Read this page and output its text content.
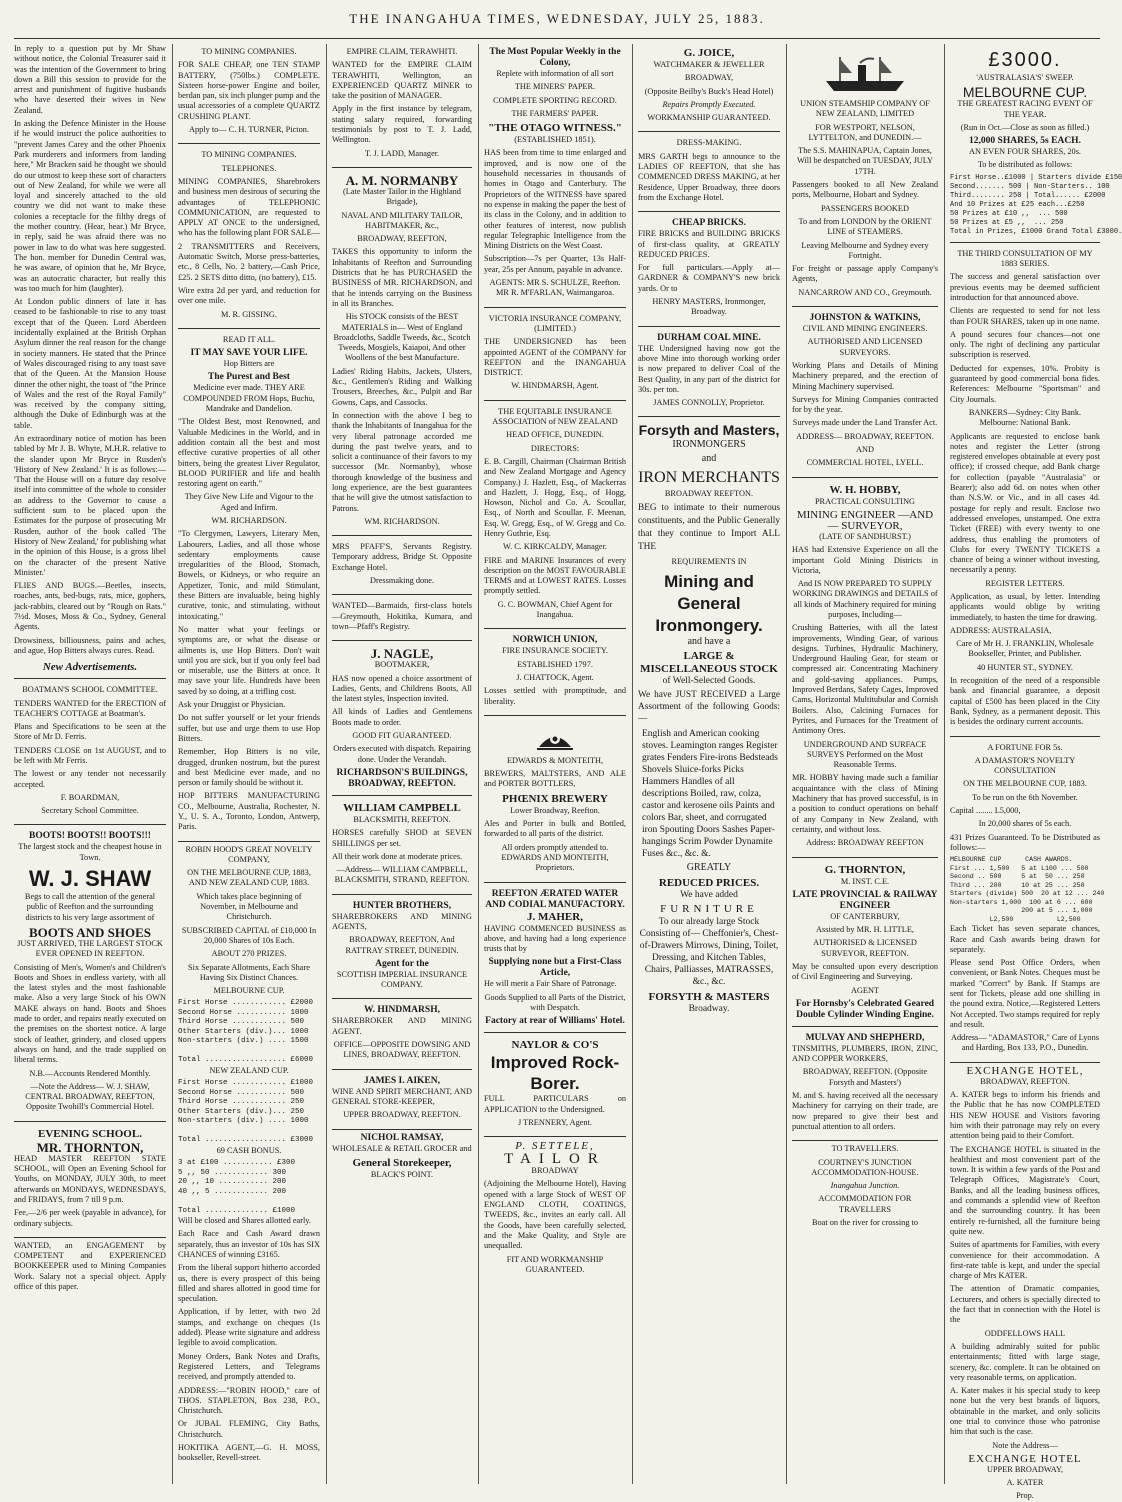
THE INANGAHUA TIMES, WEDNESDAY, JULY 25, 1883.

In reply to a question put by Mr Shaw without notice, the Colonial Treasurer said it was the intention of the Government to bring down a Bill this session to provide for the arrest and punishment of fugitive husbands who have deserted their wives in New Zealand.

In asking the Defence Minister in the House if he would instruct the police authorities to "prevent James Carey and the other Phoenix Park murderers and informers from landing here," Mr Bracken said he thought we should do our utmost to keep these sort of characters out of New Zealand, for while we were all loyal and sincerely attached to the old country we did not want to make these colonies a receptacle for the filthy dregs of the mother country. (Hear, hear.) Mr Bryce, in reply, said he was afraid there was no power in law to do what was here suggested. The hon. member for Dunedin Central was, he was aware, of opinion that he, Mr Bryce, was an autocratic character, but really this was too much for him (laughter).

At London public dinners of late it has ceased to be fashionable to rise to any toast except that of the Queen. Lord Aberdeen incidentally explained at the British Orphan Asylum dinner the real reason for the change in society manners. He stated that the Prince of Wales discouraged rising to any toast save that of the Queen. At the Mansion House dinner the other night, the toast of "the Prince of Wales and the rest of the Royal Family" was received by the company sitting, although the Duke of Edinburgh was at the table.

An extraordinary notice of motion has been tabled by Mr J. B. Whyte, M.H.R. relative to the slander upon Mr Bryce in Rusden's 'History of New Zealand.' It is as follows:— 'That the House will on a future day resolve itself into committee of the whole to consider an address to the Governor to cause a sufficient sum to be placed upon the Estimates for the purpose of prosecuting Mr Rusden, author of the book called 'The History of New Zealand,' for publishing what in the opinion of this House, is a gross libel on the character of the present Native Minister.'

FLIES AND BUGS.—Beetles, insects, roaches, ants, bed-bugs, rats, mice, gophers, jack-rabbits, cleared out by "Rough on Rats." 7½d. Moses, Moss & Co., Sydney, General Agents.

Drowsiness, billiousness, pains and aches, and ague, Hop Bitters always cures. Read.

New Advertisements.

BOATMAN'S SCHOOL COMMITTEE.

TENDERS WANTED for the ERECTION of TEACHER'S COTTAGE at Boatman's.

Plans and Specifications to be seen at the Store of Mr D. Ferris.

TENDERS CLOSE on 1st AUGUST, and to be left with Mr Ferris.

The lowest or any tender not necessarily accepted.

F. BOARDMAN,

Secretary School Committee.

BOOTS! BOOTS!! BOOTS!!!

The largest stock and the cheapest house in Town.

W. J. SHAW

Begs to call the attention of the general public of Reefton and the surrounding districts to his very large assortment of

BOOTS AND SHOES

JUST ARRIVED, THE LARGEST STOCK EVER OPENED IN REEFTON.

Consisting of Men's, Women's and Children's Boots and Shoes in endless variety, with all the latest styles and the most fashionable make. Also a very large Stock of his OWN MAKE always on hand. Boots and Shoes made to order, and repairs neatly executed on the premises on the shortest notice. A large stock of leather, grindery, and closed uppers always on hand, and the trade supplied on liberal terms.

N.B.—Accounts Rendered Monthly.

—Note the Address— W. J. SHAW, CENTRAL BROADWAY, REEFTON, Opposite Twohill's Commercial Hotel.

EVENING SCHOOL.
MR. THORNTON,

HEAD MASTER REEFTON STATE SCHOOL, will Open an Evening School for Youths, on MONDAY, JULY 30th, to meet afterwards on MONDAYS, WEDNESDAYS, and FRIDAYS, from 7 till 9 p.m.

Fee,—2/6 per week (payable in advance), for ordinary subjects.

WANTED, an ENGAGEMENT by COMPETENT and EXPERIENCED BOOKKEEPER used to Mining Companies Work. Salary not a special object. Apply office of this paper.

TO MINING COMPANIES.

FOR SALE CHEAP, one TEN STAMP BATTERY, (750lbs.) COMPLETE. Sixteen horse-power Engine and boiler, berdan pan, six inch plunger pump and the usual accessories of a complete QUARTZ CRUSHING PLANT.

Apply to— C. H. TURNER, Picton.

TO MINING COMPANIES.

TELEPHONES.

MINING COMPANIES, Sharebrokers and business men desirous of securing the advantages of TELEPHONIC COMMUNICATION, are requested to APPLY AT ONCE to the undersigned, who has the following plant FOR SALE—

2 TRANSMITTERS and Receivers, Automatic Switch, Morse press-batteries, etc., 8 Cells, No. 2 battery,—Cash Price, £25. 2 SETS ditto ditto, (no battery), £15.

Wire extra 2d per yard, and reduction for over one mile.

M. R. GISSING.

READ IT ALL.

IT MAY SAVE YOUR LIFE.

Hop Bitters are

The Purest and Best

Medicine ever made. THEY ARE COMPOUNDED FROM Hops, Buchu, Mandrake and Dandelion.

"The Oldest Best, most Renowned, and Valuable Medicines in the World, and in addition contain all the best and most effective curative properties of all other bitters, being the greatest Liver Regulator, BLOOD PURIFIER and life and health restoring agent on earth."

They Give New Life and Vigour to the Aged and Infirm.

WM. RICHARDSON.

"To Clergymen, Lawyers, Literary Men, Labourers, Ladies, and all those whose sedentary employments cause irregularities of the Blood, Stomach, Bowels, or Kidneys, or who require an Appetizer, Tonic, and mild Stimulant, these Bitters are invaluable, being highly curative, tonic, and stimulating, without intoxicating."

No matter what your feelings or symptoms are, or what the disease or ailments is, use Hop Bitters. Don't wait until you are sick, but if you only feel bad or miserable, use the Bitters at once. It may save your life. Hundreds have been saved by so doing, at a trifling cost.

Ask your Druggist or Physician.

Do not suffer yourself or let your friends suffer, but use and urge them to use Hop Bitters.

Remember, Hop Bitters is no vile, drugged, drunken nostrum, but the purest and best Medicine ever made, and no person or family should be without it.

HOP BITTERS MANUFACTURING CO., Melbourne, Australia, Rochester, N. Y., U. S. A., Toronto, London, Antwerp, Paris.

ROBIN HOOD'S GREAT NOVELTY COMPANY,

ON THE MELBOURNE CUP, 1883, AND NEW ZEALAND CUP, 1883.

Which takes place beginning of November, in Melbourne and Christchurch.

SUBSCRIBED CAPITAL of £10,000 In 20,000 Shares of 10s Each.

ABOUT 270 PRIZES.

Six Separate Allotments, Each Share Having Six Distinct Chances.

MELBOURNE CUP.

First Horse ............ £2000
Second Horse ........... 1000
Third Horse ............ 500
Other Starters (div.)... 1000
Non-starters (div.) .... 1500

Total .................. £6000

NEW ZEALAND CUP.

First Horse ............ £1000
Second Horse ........... 500
Third Horse ............ 250
Other Starters (div.)... 250
Non-starters (div.) .... 1000

Total .................. £3000

69 CASH BONUS.

3 at £100 ........... £300
5 ,, 50 ............ 300
20 ,, 10 ........... 200
40 ,, 5 ............ 200

Total .............. £1000

Will be closed and Shares allotted early.

Each Race and Cash Award drawn separately, thus an investor of 10s has SIX CHANCES of winning £3165.

From the liberal support hitherto accorded us, there is every prospect of this being filled and shares allotted in good time for speculation.

Application, if by letter, with two 2d stamps, and exchange on cheques (1s added). Please write signature and address legible to avoid complication.

Money Orders, Bank Notes and Drafts, Registered Letters, and Telegrams received, and promptly attended to.

ADDRESS:—"ROBIN HOOD," care of THOS. STAPLETON, Box 238, P.O., Christchurch.

Or JUBAL FLEMING, City Baths, Christchurch.

HOKITIKA AGENT,—G. H. MOSS, bookseller, Revell-street.

EMPIRE CLAIM, TERAWHITI.

WANTED for the EMPIRE CLAIM TERAWHITI, Wellington, an EXPERIENCED QUARTZ MINER to take the position of MANAGER.

Apply in the first instance by telegram, stating salary required, forwarding testimonials by post to T. J. Ladd, Wellington.

T. J. LADD, Manager.

A. M. NORMANBY

(Late Master Tailor in the Highland Brigade),

NAVAL AND MILITARY TAILOR, HABITMAKER, &c.,

BROADWAY, REEFTON,

TAKES this opportunity to inform the Inhabitants of Reefton and Surrounding Districts that he has PURCHASED the BUSINESS of MR. RICHARDSON, and that he intends carrying on the Business in all its Branches.

His STOCK consists of the BEST MATERIALS in— West of England Broadcloths, Saddle Tweeds, &c., Scotch Tweeds, Mosgiels, Kaiapoi, And other Woollens of the best Manufacture.

Ladies' Riding Habits, Jackets, Ulsters, &c., Gentlemen's Riding and Walking Trousers, Breeches, &c., Pulpit and Bar Gowns, Caps, and Cassocks.

In connection with the above I beg to thank the Inhabitants of Inangahua for the very liberal patronage accorded me during the past twelve years, and to solicit a continuance of their favors to my successor (Mr. Normanby), whose thorough knowledge of the business and long experience, are the best guarantees that he will give the utmost satisfaction to Patrons.

WM. RICHARDSON.

MRS PFAFF'S, Servants Registry. Temporary address, Bridge St. Opposite Exchange Hotel.

Dressmaking done.

WANTED—Barmaids, first-class hotels—Greymouth, Hokitika, Kumara, and town—Pfaff's Registry.

J. NAGLE,

BOOTMAKER,

HAS now opened a choice assortment of Ladies, Gents, and Childrens Boots, All the latest styles, Inspection invited.

All kinds of Ladies and Gentlemens Boots made to order.

GOOD FIT GUARANTEED.

Orders executed with dispatch. Repairing done. Under the Verandah.

RICHARDSON'S BUILDINGS, BROADWAY, REEFTON.
WILLIAM CAMPBELL

BLACKSMITH, REEFTON.

HORSES carefully SHOD at SEVEN SHILLINGS per set.

All their work done at moderate prices.

—Address— WILLIAM CAMPBELL, BLACKSMITH, STRAND, REEFTON.

HUNTER BROTHERS,

SHAREBROKERS AND MINING AGENTS,

BROADWAY, REEFTON, And RATTRAY STREET, DUNEDIN.

Agent for the

SCOTTISH IMPERIAL INSURANCE COMPANY.

W. HINDMARSH,

SHAREBROKER AND MINING AGENT.

OFFICE—OPPOSITE DOWSING AND LINES, BROADWAY, REEFTON.

JAMES I. AIKEN,

WINE AND SPIRIT MERCHANT, AND GENERAL STORE-KEEPER,

UPPER BROADWAY, REEFTON.

NICHOL RAMSAY,

WHOLESALE & RETAIL GROCER and

General Storekeeper,

BLACK'S POINT.

The Most Popular Weekly in the Colony,

Replete with information of all sort

THE MINERS' PAPER.

COMPLETE SPORTING RECORD.

THE FARMERS' PAPER.

"THE OTAGO WITNESS."

(ESTABLISHED 1851).

HAS been from time to time enlarged and improved, and is now one of the household necessaries in thousands of homes in Otago and Canterbury. The Proprietors of the WITNESS have spared no expense in making the paper the best of its class in the Colony, and in addition to other features of interest, now publish regular Telegraphic Intelligence from the Mining Districts on the West Coast.

Subscription—7s per Quarter, 13s Half-year, 25s per Annum, payable in advance.

AGENTS: MR S. SCHULZE, Reefton. MR R. M'FARLAN, Waimangaroa.

VICTORIA INSURANCE COMPANY, (LIMITED.)

THE UNDERSIGNED has been appointed AGENT of the COMPANY for REEFTON and the INANGAHUA DISTRICT.

W. HINDMARSH, Agent.

THE EQUITABLE INSURANCE ASSOCIATION of NEW ZEALAND

HEAD OFFICE, DUNEDIN.

DIRECTORS:

E. B. Cargill, Chairman (Chairman British and New Zealand Mortgage and Agency Company.) J. Hazlett, Esq., of Mackerras and Hazlett, J. Hogg, Esq., of Hogg, Howson, Nichol and Co. A. Scoullar, Esq., of North and Scoullar. F. Meenan, Esq. W. Gregg, Esq., of W. Gregg and Co. Henry Guthrie, Esq.

W. C. KIRKCALDY, Manager.

FIRE and MARINE Insurances of every description on the MOST FAVOURABLE TERMS and at LOWEST RATES. Losses promptly settled.

G. C. BOWMAN, Chief Agent for Inangahua.

NORWICH UNION,

FIRE INSURANCE SOCIETY.

ESTABLISHED 1797.

J. CHATTOCK, Agent.

Losses settled with promptitude, and liberality.

EDWARDS & MONTEITH,

BREWERS, MALTSTERS, AND ALE and PORTER BOTTLERS,

PHŒNIX BREWERY

Lower Broadway, Reefton.

Ales and Porter in bulk and Bottled, forwarded to all parts of the district.

All orders promptly attended to. EDWARDS AND MONTEITH, Proprietors.

REEFTON ÆRATED WATER AND CODIAL MANUFACTORY.
J. MAHER,

HAVING COMMENCED BUSINESS as above, and having had a long experience trusts that by

Supplying none but a First-Class Article,

He will merit a Fair Share of Patronage.

Goods Supplied to all Parts of the District, with Despatch.

Factory at rear of Williams' Hotel.
NAYLOR & CO'S
Improved Rock-Borer.

FULL PARTICULARS on APPLICATION to the Undersigned.

J TRENNERY, Agent.

P. SETTELE,
TAILOR

BROADWAY

(Adjoining the Melbourne Hotel), Having opened with a large Stock of WEST OF ENGLAND CLOTH, COATINGS, TWEEDS, &c., invites an early call. All the Goods, have been carefully selected, and the Make Quality, and Style are unequalled.

FIT AND WORKMANSHIP GUARANTEED.

G. JOICE,

WATCHMAKER & JEWELLER

BROADWAY,

(Opposite Beilby's Buck's Head Hotel)

Repairs Promptly Executed.

WORKMANSHIP GUARANTEED.

DRESS-MAKING.

MRS GARTH begs to announce to the LADIES OF REEFTON, that she has COMMENCED DRESS MAKING, at her Residence, Upper Broadway, three doors from the Exchange Hotel.

CHEAP BRICKS.

FIRE BRICKS and BUILDING BRICKS of first-class quality, at GREATLY REDUCED PRICES.

For full particulars.—Apply at— GARDNER & COMPANY'S new brick yards. Or to

HENRY MASTERS, Ironmonger, Broadway.

DURHAM COAL MINE.

THE Undersigned having now got the above Mine into thorough working order is now prepared to deliver Coal of the Best Quality, in any part of the district for 30s. per ton.

JAMES CONNOLLY, Proprietor.

Forsyth and Masters,

IRONMONGERS

and

IRON MERCHANTS

BROADWAY REEFTON.

BEG to intimate to their numerous constituents, and the Public Generally that they continue to Import ALL THE

REQUIREMENTS IN

Mining and General
Ironmongery.

and have a

LARGE & MISCELLANEOUS STOCK

of Well-Selected Goods.

We have JUST RECEIVED a Large Assortment of the following Goods:—

English and American cooking stoves. Leamington ranges Register grates Fenders Fire-irons Bedsteads Shovels Sluice-forks Picks Hammers Handles of all descriptions Boiled, raw, colza, castor and kerosene oils Paints and colors Bar, sheet, and corrugated iron Spouting Doors Sashes Paper-hangings Scrim Powder Dynamite Fuses &c., &c. &.

GREATLY

REDUCED PRICES.

We have added

FURNITURE

To our already large Stock Consisting of— Cheffonier's, Chest-of-Drawers Mirrows, Dining, Toilet, Dressing, and Kitchen Tables, Chairs, Palliasses, MATRASSES, &c., &c.

FORSYTH & MASTERS

Broadway.

UNION STEAMSHIP COMPANY OF NEW ZEALAND, LIMITED

FOR WESTPORT, NELSON, LYTTELTON, and DUNEDIN.—

The S.S. MAHINAPUA, Captain Jones, Will be despatched on TUESDAY, JULY 17TH.

Passengers booked to all New Zealand ports, Melbourne, Hobart and Sydney.

PASSENGERS BOOKED

To and from LONDON by the ORIENT LINE of STEAMERS.

Leaving Melbourne and Sydney every Fortnight.

For freight or passage apply Company's Agents,

NANCARROW AND CO., Greymouth.

JOHNSTON & WATKINS,

CIVIL AND MINING ENGINEERS.

AUTHORISED AND LICENSED SURVEYORS.

Working Plans and Details of Mining Machinery prepared, and the erection of Mining Machinery supervised.

Surveys for Mining Companies contracted for by the year.

Surveys made under the Land Transfer Act.

ADDRESS— BROADWAY, REEFTON.

AND

COMMERCIAL HOTEL, LYELL.

W. H. HOBBY,

PRACTICAL CONSULTING

MINING ENGINEER —AND— SURVEYOR,

(LATE OF SANDHURST.)

HAS had Extensive Experience on all the important Gold Mining Districts in Victoria,

And IS NOW PREPARED TO SUPPLY WORKING DRAWINGS and DETAILS of all kinds of Machinery required for mining purposes, Including—

Crushing Batteries, with all the latest improvements, Winding Gear, of various designs. Turbines, Hydraulic Machinery, Underground Hauling Gear, for steam or compressed air. Concentrating Machinery and gold-saving appliances. Pumps, Improved Berdans, Safety Cages, Improved Cams, Horizontal Multitubular and Cornish Boilers. Also, Calcining Furnaces for Pyrites, and Furnaces for the Treatment of Antimony Ores.

UNDERGROUND AND SURFACE SURVEYS Performed on the Most Reasonable Terms.

MR. HOBBY having made such a familiar acquaintance with the class of Mining Machinery that has proved successful, is in a position to conduct operations on behalf of any Company in New Zealand, with certainty, and without loss.

Address: BROADWAY REEFTON

G. THORNTON,

M. INST. C.E.

LATE PROVINCIAL & RAILWAY ENGINEER

OF CANTERBURY,

Assisted by MR. H. LITTLE,

AUTHORISED & LICENSED SURVEYOR, REEFTON.

May be consulted upon every description of Civil Engineering and Surveying.

AGENT

For Hornsby's Celebrated Geared Double Cylinder Winding Engine.
MULVAY AND SHEPHERD,

TINSMITHS, PLUMBERS, IRON, ZINC, AND COPPER WORKERS,

BROADWAY, REEFTON. (Opposite Forsyth and Masters')

M. and S. having received all the necessary Machinery for carrying on their trade, are now prepared to give their best and punctual attention to all orders.

TO TRAVELLERS.

COURTNEY'S JUNCTION ACCOMMODATION-HOUSE.

Inangahua Junction.

ACCOMMODATION FOR TRAVELLERS

Boat on the river for crossing to

£3000.

'AUSTRALASIA'S' SWEEP.

MELBOURNE CUP.

THE GREATEST RACING EVENT OF THE YEAR.

(Run in Oct.—Close as soon as filled.)

12,000 SHARES, 5s EACH.

AN EVEN FOUR SHARES, 20s.

To be distributed as follows:

First Horse..£1000 | Starters divide £150
Second....... 500 | Non-Starters.. 100
Third........ 250 | Total...... £2000
And 10 Prizes at £25 each...£250
50 Prizes at £10 ,,  ... 500
50 Prizes at £5 ,,  ... 250
Total in Prizes, £1000 Grand Total £3000.

THE THIRD CONSULTATION OF MY 1883 SERIES.

The success and general satisfaction over previous events may be deemed sufficient introduction for that announced above.

Clients are requested to send for not less than FOUR SHARES, taken up in one name.

A pound secures four chances—not one only. The right of declining any particular subscription is reserved.

Deducted for expenses, 10%. Probity is guaranteed by good commercial bona fides. References: Melbourne "Sportsman" and City Journals.

BANKERS—Sydney: City Bank. Melbourne: National Bank.

Applicants are requested to enclose bank notes and register the Letter (strong registered envelopes obtainable at every post office); if crossed cheque, add Bank charge for collection (payable "Australasia" or Bearer); also add 6d. on notes when other than N.S.W. or Vic., and in all cases 4d. postage for reply and result. Enclose two addressed envelopes, unstamped. One extra Ticket (FREE) with every twenty to one address, thus enabling the promoters of Clubs for every TWENTY TICKETS a chance of being a winner without investing, necessarily a penny.

REGISTER LETTERS.

Application, as usual, by letter. Intending applicants would oblige by writing immediately, to hasten the time for drawing.

ADDRESS: AUSTRALASIA,

Care of Mr H. J. FRANKLIN, Wholesale Bookseller, Printer, and Publisher.

40 HUNTER ST., SYDNEY.

In recognition of the need of a responsible bank and financial guarantee, a deposit capital of £500 has been placed in the City Bank, Sydney, as a permanent deposit. This is besides the ordinary current accounts.

A FORTUNE FOR 5s.

A DAMASTOR'S NOVELTY CONSULTATION

ON THE MELBOURNE CUP, 1883.

To be run on the 6th November.

Capital ........ L5,000,

In 20,000 shares of 5s each.

431 Prizes Guaranteed. To be Distributed as follows:—

MELBOURNE CUP      CASH AWARDS.
First ... 1,500   5 at L100 ... 500
Second .. 500     5 at  50 ... 250
Third ... 200     10 at 25 ... 250
Starters (divide) 500  20 at 12 ... 240
Non-starters 1,000  100 at 6 ... 600
200 at 5 ... 1,000
L2,500           L2,500

Each Ticket has seven separate chances, Race and Cash awards being drawn for separately.

Please send Post Office Orders, when convenient, or Bank Notes. Cheques must be marked "Correct" by Bank. If Stamps are sent for Tickets, please add one shilling in the pound extra. Notice,—Registered Letters Not Accepted. Two stamps required for reply and result.

Address— "ADAMASTOR," Care of Lyons and Harding, Box 133, P.O., Dunedin.

EXCHANGE HOTEL,

BROADWAY, REEFTON.

A. KATER begs to inform his friends and the Public that he has now COMPLETED HIS NEW HOUSE and Visitors favoring him with their patronage may rely on every attention being paid to their Comfort.

The EXCHANGE HOTEL is situated in the healthiest and most convenient part of the town. It is within a few yards of the Post and Telegraph Offices, Magistrate's Court, Banks, and all the leading business offices, and commands a splendid view of Reefton and the surrounding country. It has been entirely re-furnished, all the furniture being quite new.

Suites of apartments for Families, with every convenience for their accommodation. A first-rate table is kept, and under the special charge of Mrs KATER.

The attention of Dramatic companies, Lecturers, and others is specially directed to the fact that in connection with the Hotel is the

ODDFELLOWS HALL

A building admirably suited for public entertainments; fitted with large stage, scenery, &c. complete. It can be obtained on very reasonable terms, on application.

A. Kater makes it his special study to keep none but the very best brands of liquors, obtainable in the market, and only solicits one trial to convince those who patronise him that such is the case.

Note the Address—

EXCHANGE HOTEL

UPPER BROADWAY,

A. KATER

Prop.
